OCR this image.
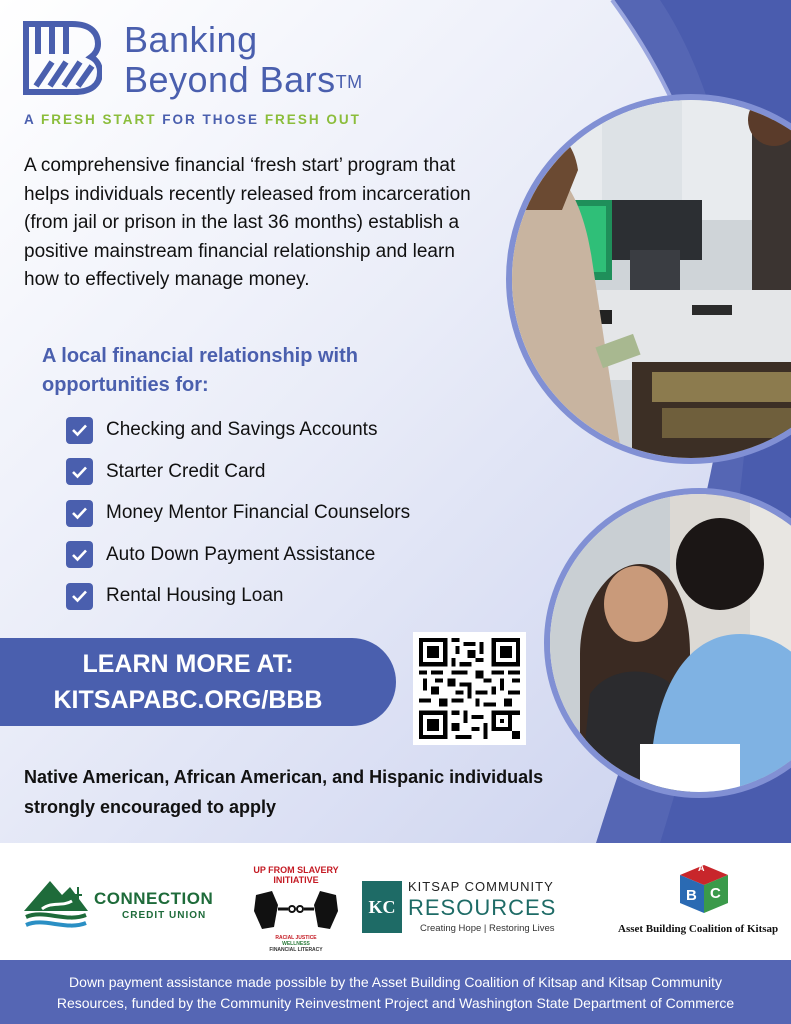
Banking
Beyond Bars™
A FRESH START FOR THOSE FRESH OUT

A comprehensive financial ‘fresh start’ program that helps individuals recently released from incarceration (from jail or prison in the last 36 months) establish a positive mainstream financial relationship and learn how to effectively manage money.

A local financial relationship with opportunities for:
Checking and Savings Accounts
Starter Credit Card
Money Mentor Financial Counselors
Auto Down Payment Assistance
Rental Housing Loan
LEARN MORE AT:
KITSAPABC.ORG/BBB

Native American, African American, and Hispanic individuals strongly encouraged to apply

CONNECTION
CREDIT UNION
UP FROM SLAVERY
INITIATIVE
RACIAL JUSTICE
WELLNESS
FINANCIAL LITERACY
KC
KITSAP COMMUNITY
RESOURCES
Creating Hope | Restoring Lives
A
B C
Asset Building Coalition of Kitsap
Down payment assistance made possible by the Asset Building Coalition of Kitsap and Kitsap Community
Resources, funded by the Community Reinvestment Project and Washington State Department of Commerce
